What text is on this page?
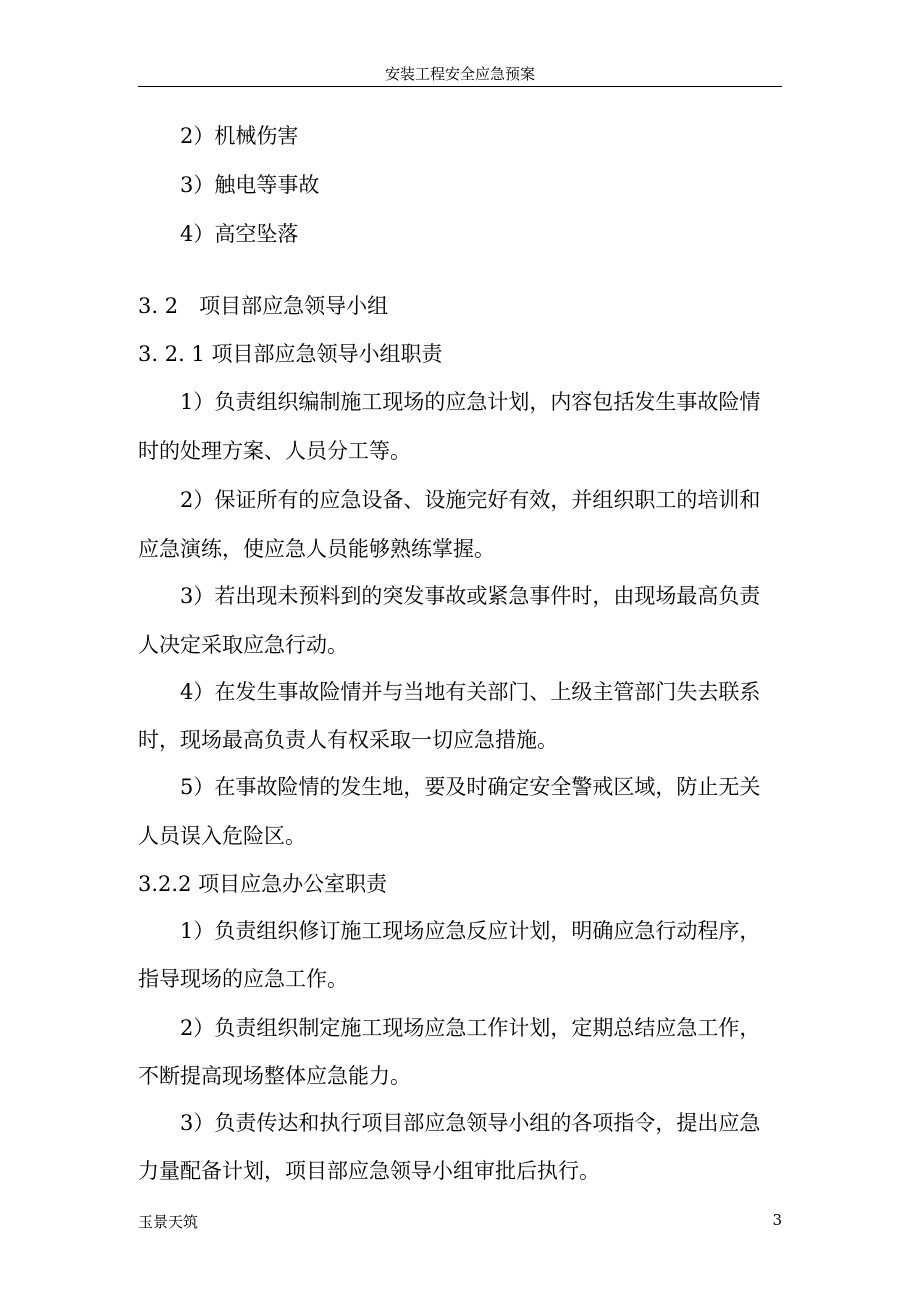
安装工程安全应急预案
2）机械伤害
3）触电等事故
4）高空坠落
3. 2　项目部应急领导小组
3. 2. 1 项目部应急领导小组职责
1）负责组织编制施工现场的应急计划，内容包括发生事故险情
时的处理方案、人员分工等。
2）保证所有的应急设备、设施完好有效，并组织职工的培训和
应急演练，使应急人员能够熟练掌握。
3）若出现未预料到的突发事故或紧急事件时，由现场最高负责
人决定采取应急行动。
4）在发生事故险情并与当地有关部门、上级主管部门失去联系
时，现场最高负责人有权采取一切应急措施。
5）在事故险情的发生地，要及时确定安全警戒区域，防止无关
人员误入危险区。
3.2.2 项目应急办公室职责
1）负责组织修订施工现场应急反应计划，明确应急行动程序，
指导现场的应急工作。
2）负责组织制定施工现场应急工作计划，定期总结应急工作，
不断提高现场整体应急能力。
3）负责传达和执行项目部应急领导小组的各项指令，提出应急
力量配备计划，项目部应急领导小组审批后执行。
玉景天筑	3
